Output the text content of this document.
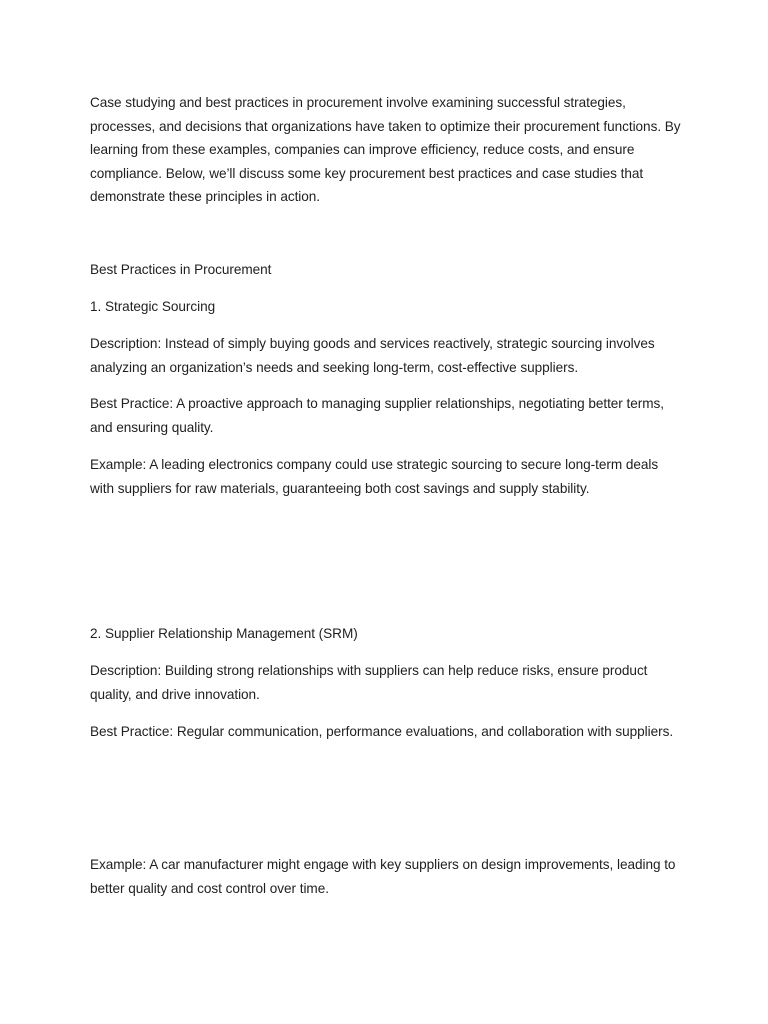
Case studying and best practices in procurement involve examining successful strategies, processes, and decisions that organizations have taken to optimize their procurement functions. By learning from these examples, companies can improve efficiency, reduce costs, and ensure compliance. Below, we’ll discuss some key procurement best practices and case studies that demonstrate these principles in action.

Best Practices in Procurement

1. Strategic Sourcing

Description: Instead of simply buying goods and services reactively, strategic sourcing involves analyzing an organization’s needs and seeking long-term, cost-effective suppliers.

Best Practice: A proactive approach to managing supplier relationships, negotiating better terms, and ensuring quality.

Example: A leading electronics company could use strategic sourcing to secure long-term deals with suppliers for raw materials, guaranteeing both cost savings and supply stability.

2. Supplier Relationship Management (SRM)

Description: Building strong relationships with suppliers can help reduce risks, ensure product quality, and drive innovation.

Best Practice: Regular communication, performance evaluations, and collaboration with suppliers.

Example: A car manufacturer might engage with key suppliers on design improvements, leading to better quality and cost control over time.
